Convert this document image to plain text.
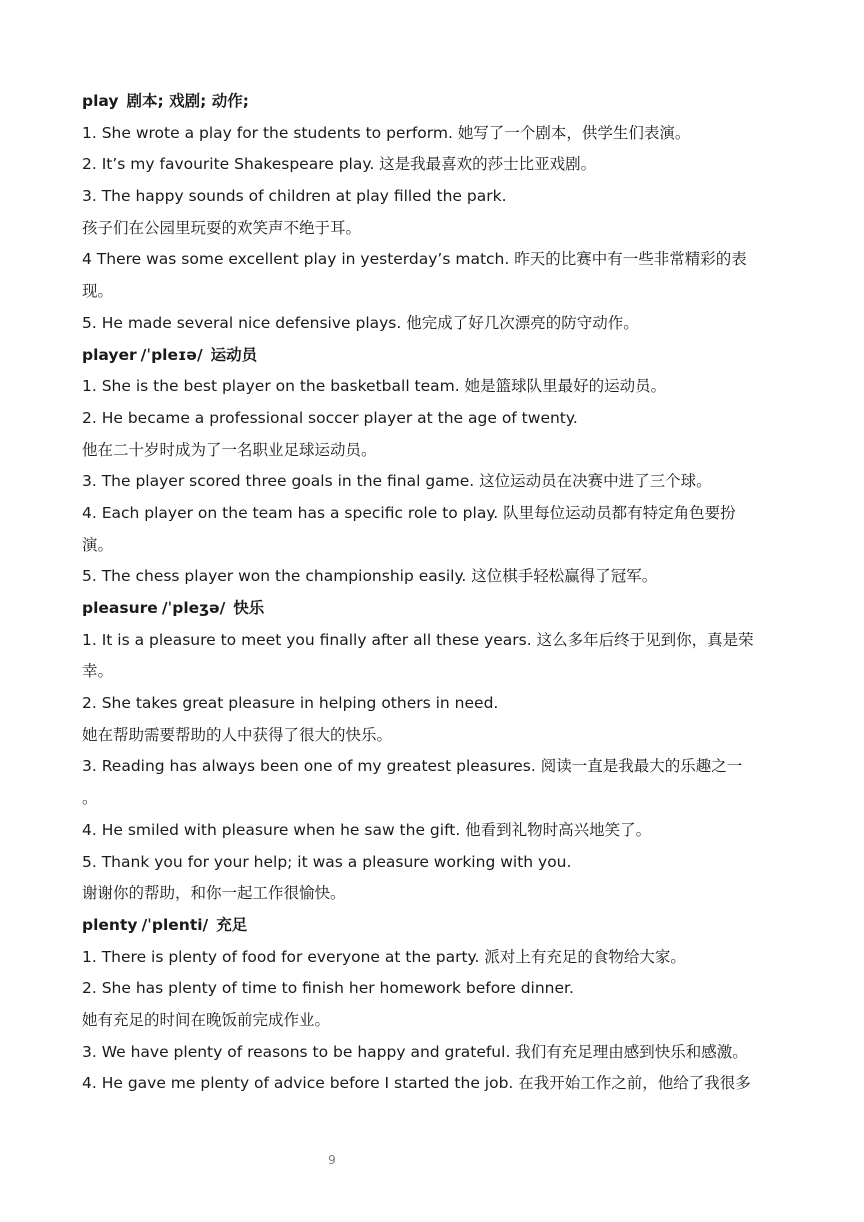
play 剧本; 戏剧; 动作;
1. She wrote a play for the students to perform. 她写了一个剧本，供学生们表演。
2. It’s my favourite Shakespeare play. 这是我最喜欢的莎士比亚戏剧。
3. The happy sounds of children at play filled the park.
孩子们在公园里玩耍的欢笑声不绝于耳。
4 There was some excellent play in yesterday’s match. 昨天的比赛中有一些非常精彩的表
现。
5. He made several nice defensive plays. 他完成了好几次漂亮的防守动作。
player /ˈpleɪə/ 运动员
1. She is the best player on the basketball team. 她是篮球队里最好的运动员。
2. He became a professional soccer player at the age of twenty.
他在二十岁时成为了一名职业足球运动员。
3. The player scored three goals in the final game. 这位运动员在决赛中进了三个球。
4. Each player on the team has a specific role to play. 队里每位运动员都有特定角色要扮
演。
5. The chess player won the championship easily. 这位棋手轻松赢得了冠军。
pleasure /ˈpleʒə/ 快乐
1. It is a pleasure to meet you finally after all these years. 这么多年后终于见到你，真是荣
幸。
2. She takes great pleasure in helping others in need.
她在帮助需要帮助的人中获得了很大的快乐。
3. Reading has always been one of my greatest pleasures. 阅读一直是我最大的乐趣之一
。
4. He smiled with pleasure when he saw the gift. 他看到礼物时高兴地笑了。
5. Thank you for your help; it was a pleasure working with you.
谢谢你的帮助，和你一起工作很愉快。
plenty /ˈplenti/ 充足
1. There is plenty of food for everyone at the party. 派对上有充足的食物给大家。
2. She has plenty of time to finish her homework before dinner.
她有充足的时间在晚饭前完成作业。
3. We have plenty of reasons to be happy and grateful. 我们有充足理由感到快乐和感激。
4. He gave me plenty of advice before I started the job. 在我开始工作之前，他给了我很多
9
